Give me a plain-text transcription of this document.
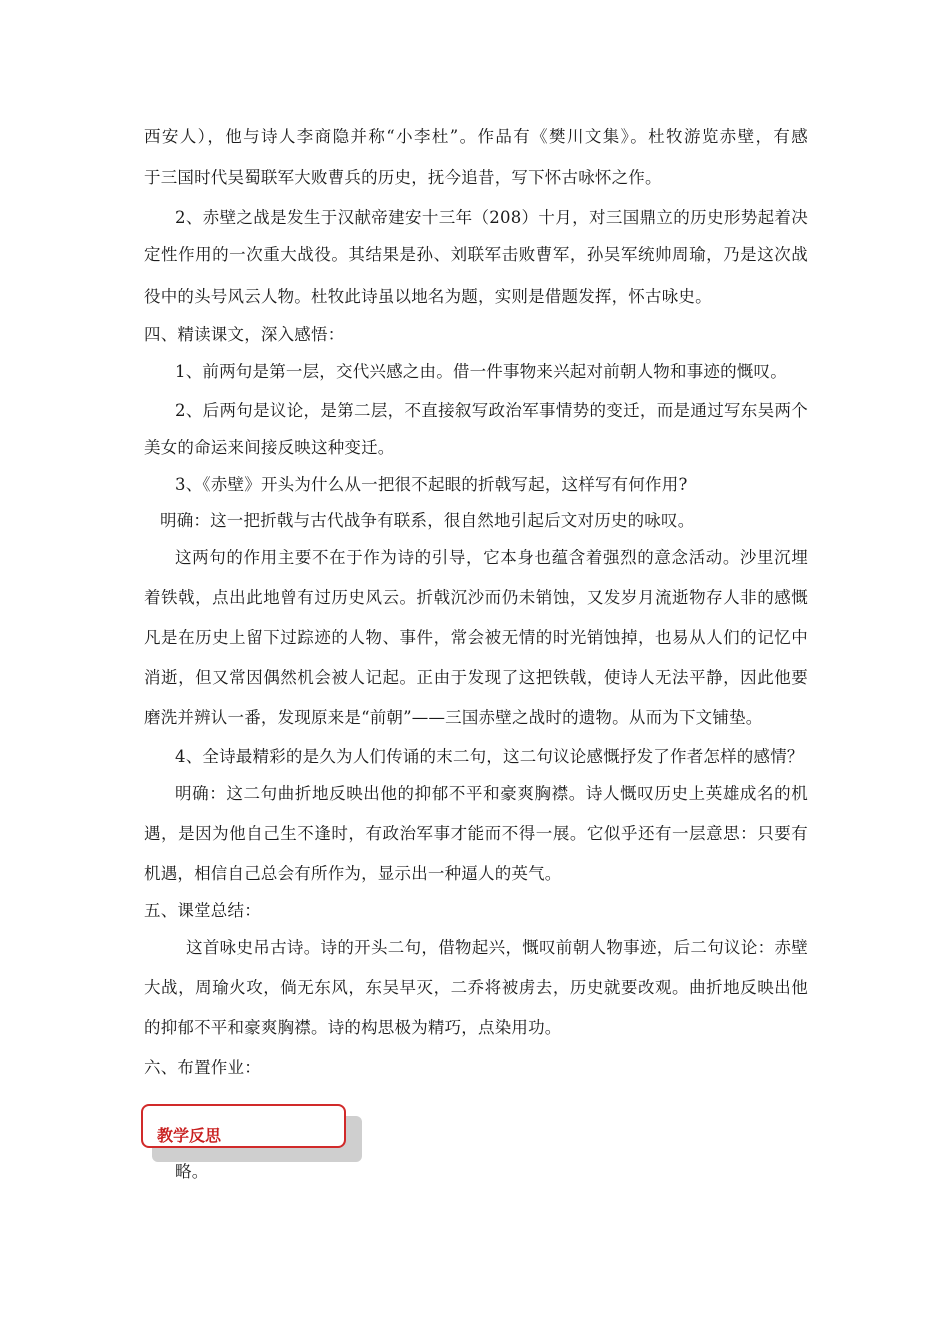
西安人），他与诗人李商隐并称“小李杜”。作品有《樊川文集》。杜牧游览赤壁，有感
于三国时代吴蜀联军大败曹兵的历史，抚今追昔，写下怀古咏怀之作。
2、赤壁之战是发生于汉献帝建安十三年（208）十月，对三国鼎立的历史形势起着决
定性作用的一次重大战役。其结果是孙、刘联军击败曹军，孙吴军统帅周瑜，乃是这次战
役中的头号风云人物。杜牧此诗虽以地名为题，实则是借题发挥，怀古咏史。
四、精读课文，深入感悟：
1、前两句是第一层，交代兴感之由。借一件事物来兴起对前朝人物和事迹的慨叹。
2、后两句是议论，是第二层，不直接叙写政治军事情势的变迁，而是通过写东吴两个
美女的命运来间接反映这种变迁。
3、《赤壁》开头为什么从一把很不起眼的折戟写起，这样写有何作用?
明确：这一把折戟与古代战争有联系，很自然地引起后文对历史的咏叹。
这两句的作用主要不在于作为诗的引导，它本身也蕴含着强烈的意念活动。沙里沉埋
着铁戟，点出此地曾有过历史风云。折戟沉沙而仍未销蚀，又发岁月流逝物存人非的感慨
凡是在历史上留下过踪迹的人物、事件，常会被无情的时光销蚀掉，也易从人们的记忆中
消逝，但又常因偶然机会被人记起。正由于发现了这把铁戟，使诗人无法平静，因此他要
磨洗并辨认一番，发现原来是“前朝”——三国赤壁之战时的遗物。从而为下文铺垫。
4、全诗最精彩的是久为人们传诵的末二句，这二句议论感慨抒发了作者怎样的感情？
明确：这二句曲折地反映出他的抑郁不平和豪爽胸襟。诗人慨叹历史上英雄成名的机
遇，是因为他自己生不逢时，有政治军事才能而不得一展。它似乎还有一层意思：只要有
机遇，相信自己总会有所作为，显示出一种逼人的英气。
五、课堂总结：
这首咏史吊古诗。诗的开头二句，借物起兴，慨叹前朝人物事迹，后二句议论：赤壁
大战，周瑜火攻，倘无东风，东吴早灭，二乔将被虏去，历史就要改观。曲折地反映出他
的抑郁不平和豪爽胸襟。诗的构思极为精巧，点染用功。
六、布置作业：
教学反思
略。
